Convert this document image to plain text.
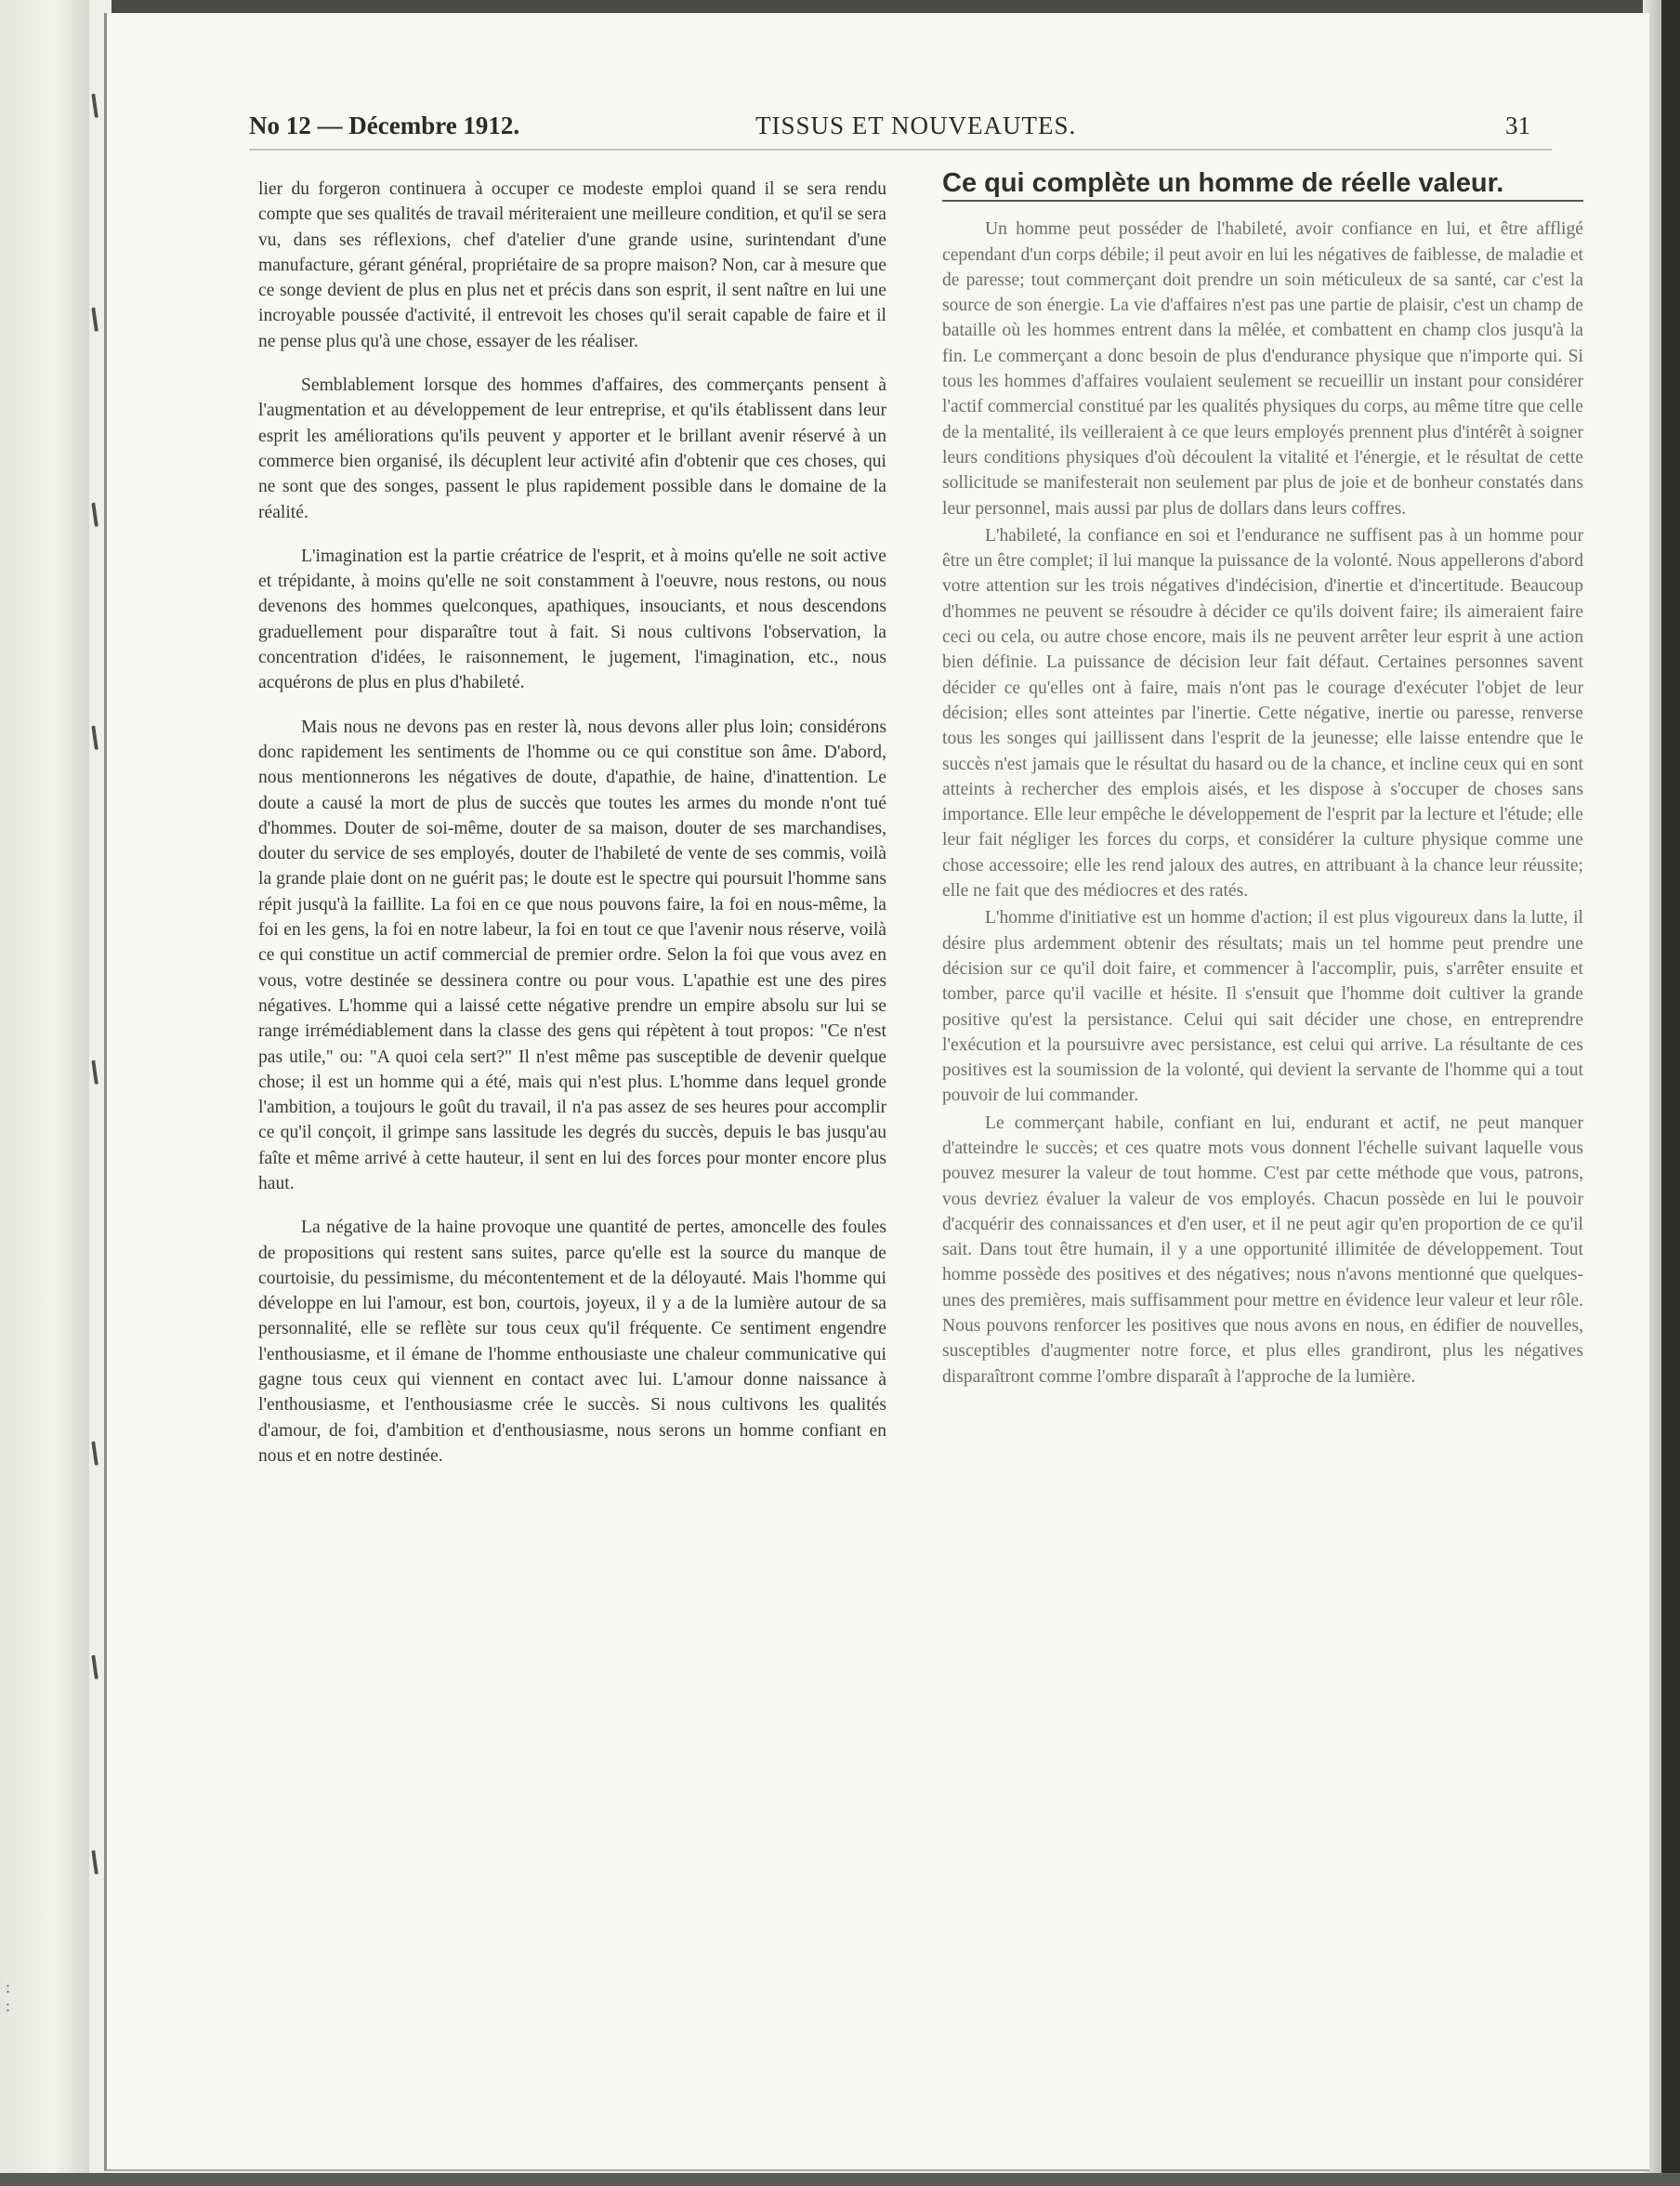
:
:
No 12 — Décembre 1912.	TISSUS ET NOUVEAUTES.	31

lier du forgeron continuera à occuper ce modeste emploi quand il se sera rendu compte que ses qualités de travail mériteraient une meilleure condition, et qu'il se sera vu, dans ses réflexions, chef d'atelier d'une grande usine, surintendant d'une manufacture, gérant général, propriétaire de sa propre maison? Non, car à mesure que ce songe devient de plus en plus net et précis dans son esprit, il sent naître en lui une incroyable poussée d'activité, il entrevoit les choses qu'il serait capable de faire et il ne pense plus qu'à une chose, essayer de les réaliser.

Semblablement lorsque des hommes d'affaires, des commerçants pensent à l'augmentation et au développement de leur entreprise, et qu'ils établissent dans leur esprit les améliorations qu'ils peuvent y apporter et le brillant avenir réservé à un commerce bien organisé, ils décuplent leur activité afin d'obtenir que ces choses, qui ne sont que des songes, passent le plus rapidement possible dans le domaine de la réalité.

L'imagination est la partie créatrice de l'esprit, et à moins qu'elle ne soit active et trépidante, à moins qu'elle ne soit constamment à l'oeuvre, nous restons, ou nous devenons des hommes quelconques, apathiques, insouciants, et nous descendons graduellement pour disparaître tout à fait. Si nous cultivons l'observation, la concentration d'idées, le raisonnement, le jugement, l'imagination, etc., nous acquérons de plus en plus d'habileté.

Mais nous ne devons pas en rester là, nous devons aller plus loin; considérons donc rapidement les sentiments de l'homme ou ce qui constitue son âme. D'abord, nous mentionnerons les négatives de doute, d'apathie, de haine, d'inattention. Le doute a causé la mort de plus de succès que toutes les armes du monde n'ont tué d'hommes. Douter de soi-même, douter de sa maison, douter de ses marchandises, douter du service de ses employés, douter de l'habileté de vente de ses commis, voilà la grande plaie dont on ne guérit pas; le doute est le spectre qui poursuit l'homme sans répit jusqu'à la faillite. La foi en ce que nous pouvons faire, la foi en nous-même, la foi en les gens, la foi en notre labeur, la foi en tout ce que l'avenir nous réserve, voilà ce qui constitue un actif commercial de premier ordre. Selon la foi que vous avez en vous, votre destinée se dessinera contre ou pour vous. L'apathie est une des pires négatives. L'homme qui a laissé cette négative prendre un empire absolu sur lui se range irrémédiablement dans la classe des gens qui répètent à tout propos: "Ce n'est pas utile," ou: "A quoi cela sert?" Il n'est même pas susceptible de devenir quelque chose; il est un homme qui a été, mais qui n'est plus. L'homme dans lequel gronde l'ambition, a toujours le goût du travail, il n'a pas assez de ses heures pour accomplir ce qu'il conçoit, il grimpe sans lassitude les degrés du succès, depuis le bas jusqu'au faîte et même arrivé à cette hauteur, il sent en lui des forces pour monter encore plus haut.

La négative de la haine provoque une quantité de pertes, amoncelle des foules de propositions qui restent sans suites, parce qu'elle est la source du manque de courtoisie, du pessimisme, du mécontentement et de la déloyauté. Mais l'homme qui développe en lui l'amour, est bon, courtois, joyeux, il y a de la lumière autour de sa personnalité, elle se reflète sur tous ceux qu'il fréquente. Ce sentiment engendre l'enthousiasme, et il émane de l'homme enthousiaste une chaleur communicative qui gagne tous ceux qui viennent en contact avec lui. L'amour donne naissance à l'enthousiasme, et l'enthousiasme crée le succès. Si nous cultivons les qualités d'amour, de foi, d'ambition et d'enthousiasme, nous serons un homme confiant en nous et en notre destinée.

Ce qui complète un homme de réelle valeur.

Un homme peut posséder de l'habileté, avoir confiance en lui, et être affligé cependant d'un corps débile; il peut avoir en lui les négatives de faiblesse, de maladie et de paresse; tout commerçant doit prendre un soin méticuleux de sa santé, car c'est la source de son énergie. La vie d'affaires n'est pas une partie de plaisir, c'est un champ de bataille où les hommes entrent dans la mêlée, et combattent en champ clos jusqu'à la fin. Le commerçant a donc besoin de plus d'endurance physique que n'importe qui. Si tous les hommes d'affaires voulaient seulement se recueillir un instant pour considérer l'actif commercial constitué par les qualités physiques du corps, au même titre que celle de la mentalité, ils veilleraient à ce que leurs employés prennent plus d'intérêt à soigner leurs conditions physiques d'où découlent la vitalité et l'énergie, et le résultat de cette sollicitude se manifesterait non seulement par plus de joie et de bonheur constatés dans leur personnel, mais aussi par plus de dollars dans leurs coffres.

L'habileté, la confiance en soi et l'endurance ne suffisent pas à un homme pour être un être complet; il lui manque la puissance de la volonté. Nous appellerons d'abord votre attention sur les trois négatives d'indécision, d'inertie et d'incertitude. Beaucoup d'hommes ne peuvent se résoudre à décider ce qu'ils doivent faire; ils aimeraient faire ceci ou cela, ou autre chose encore, mais ils ne peuvent arrêter leur esprit à une action bien définie. La puissance de décision leur fait défaut. Certaines personnes savent décider ce qu'elles ont à faire, mais n'ont pas le courage d'exécuter l'objet de leur décision; elles sont atteintes par l'inertie. Cette négative, inertie ou paresse, renverse tous les songes qui jaillissent dans l'esprit de la jeunesse; elle laisse entendre que le succès n'est jamais que le résultat du hasard ou de la chance, et incline ceux qui en sont atteints à rechercher des emplois aisés, et les dispose à s'occuper de choses sans importance. Elle leur empêche le développement de l'esprit par la lecture et l'étude; elle leur fait négliger les forces du corps, et considérer la culture physique comme une chose accessoire; elle les rend jaloux des autres, en attribuant à la chance leur réussite; elle ne fait que des médiocres et des ratés.

L'homme d'initiative est un homme d'action; il est plus vigoureux dans la lutte, il désire plus ardemment obtenir des résultats; mais un tel homme peut prendre une décision sur ce qu'il doit faire, et commencer à l'accomplir, puis, s'arrêter ensuite et tomber, parce qu'il vacille et hésite. Il s'ensuit que l'homme doit cultiver la grande positive qu'est la persistance. Celui qui sait décider une chose, en entreprendre l'exécution et la poursuivre avec persistance, est celui qui arrive. La résultante de ces positives est la soumission de la volonté, qui devient la servante de l'homme qui a tout pouvoir de lui commander.

Le commerçant habile, confiant en lui, endurant et actif, ne peut manquer d'atteindre le succès; et ces quatre mots vous donnent l'échelle suivant laquelle vous pouvez mesurer la valeur de tout homme. C'est par cette méthode que vous, patrons, vous devriez évaluer la valeur de vos employés. Chacun possède en lui le pouvoir d'acquérir des connaissances et d'en user, et il ne peut agir qu'en proportion de ce qu'il sait. Dans tout être humain, il y a une opportunité illimitée de développement. Tout homme possède des positives et des négatives; nous n'avons mentionné que quelques-unes des premières, mais suffisamment pour mettre en évidence leur valeur et leur rôle. Nous pouvons renforcer les positives que nous avons en nous, en édifier de nouvelles, susceptibles d'augmenter notre force, et plus elles grandiront, plus les négatives disparaîtront comme l'ombre disparaît à l'approche de la lumière.
